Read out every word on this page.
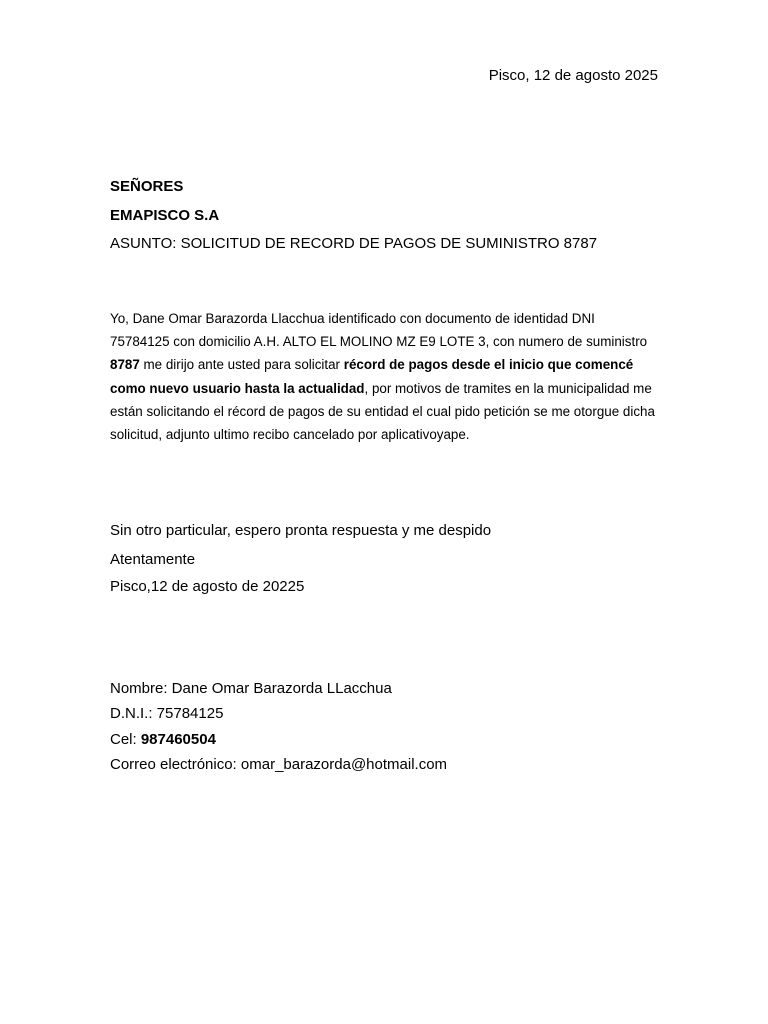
Pisco, 12 de agosto 2025
SEÑORES
EMAPISCO S.A
ASUNTO: SOLICITUD DE RECORD DE PAGOS DE SUMINISTRO 8787
Yo, Dane Omar Barazorda Llacchua identificado con documento de identidad DNI 75784125 con domicilio A.H. ALTO EL MOLINO MZ E9 LOTE 3, con numero de suministro 8787 me dirijo ante usted para solicitar récord de pagos desde el inicio que comencé como nuevo usuario hasta la actualidad, por motivos de tramites en la municipalidad me están solicitando el récord de pagos de su entidad el cual pido petición se me otorgue dicha solicitud, adjunto ultimo recibo cancelado por aplicativoyape.
Sin otro particular, espero pronta respuesta y me despido
Atentamente
Pisco,12 de agosto de 20225
Nombre: Dane Omar Barazorda LLacchua
D.N.I.: 75784125
Cel: 987460504
Correo electrónico: omar_barazorda@hotmail.com
